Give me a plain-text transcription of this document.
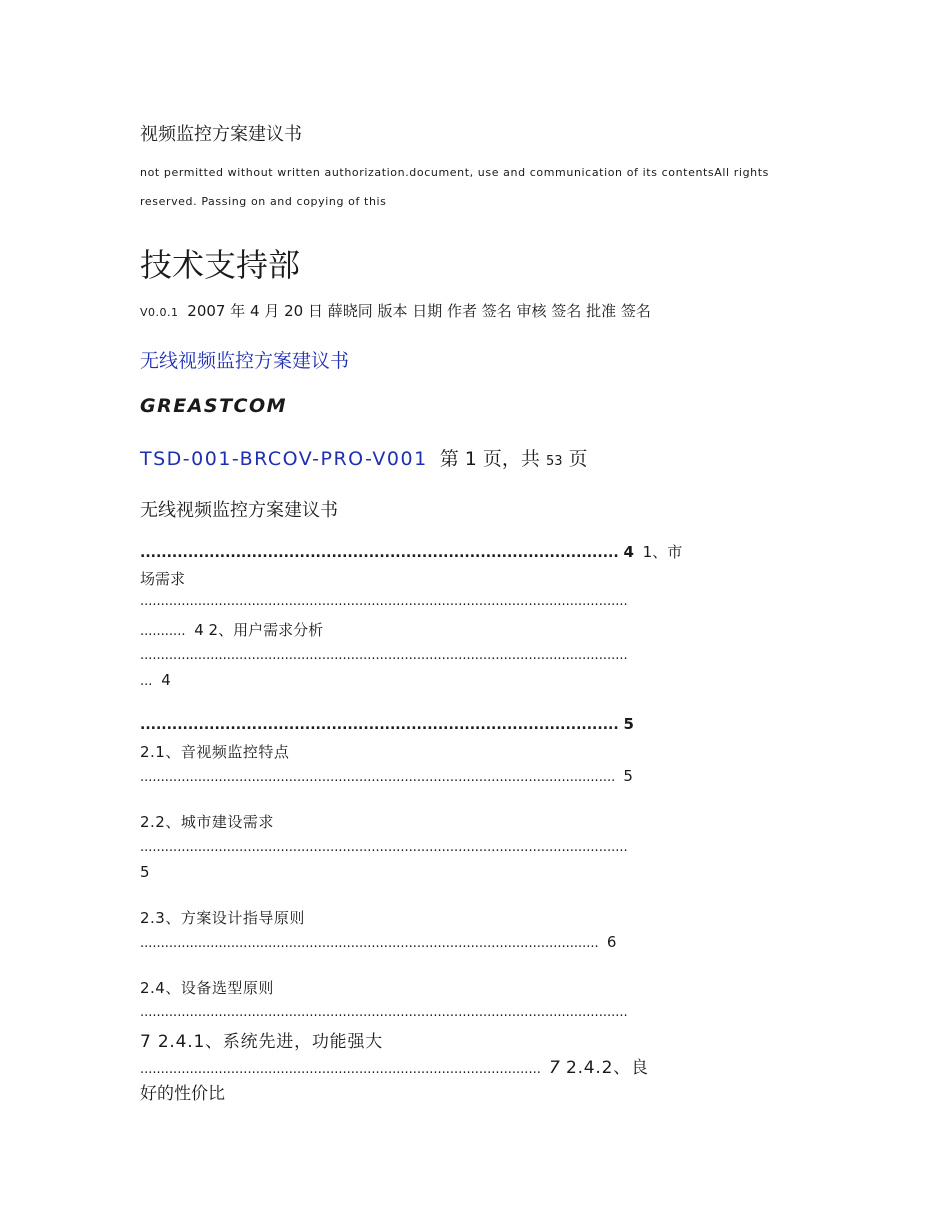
视频监控方案建议书
not permitted without written authorization.document, use and communication of its contentsAll rights
reserved. Passing on and copying of this
技术支持部
V0.0.1 2007 年 4 月 20 日 薛晓同 版本 日期 作者 签名 审核 签名 批准 签名
无线视频监控方案建议书
GREASTCOM
TSD-001-BRCOV-PRO-V001 第 1 页，共 53 页
无线视频监控方案建议书
.......................................................................................... 4 1、市
场需求
......................................................................................................................
........... 4 2、用户需求分析
......................................................................................................................
... 4
.......................................................................................... 5
2.1、音视频监控特点
................................................................................................................... 5
2.2、城市建设需求
......................................................................................................................
5
2.3、方案设计指导原则
............................................................................................................... 6
2.4、设备选型原则
......................................................................................................................
7 2.4.1、系统先进，功能强大
................................................................................................. 7 2.4.2、良
好的性价比
